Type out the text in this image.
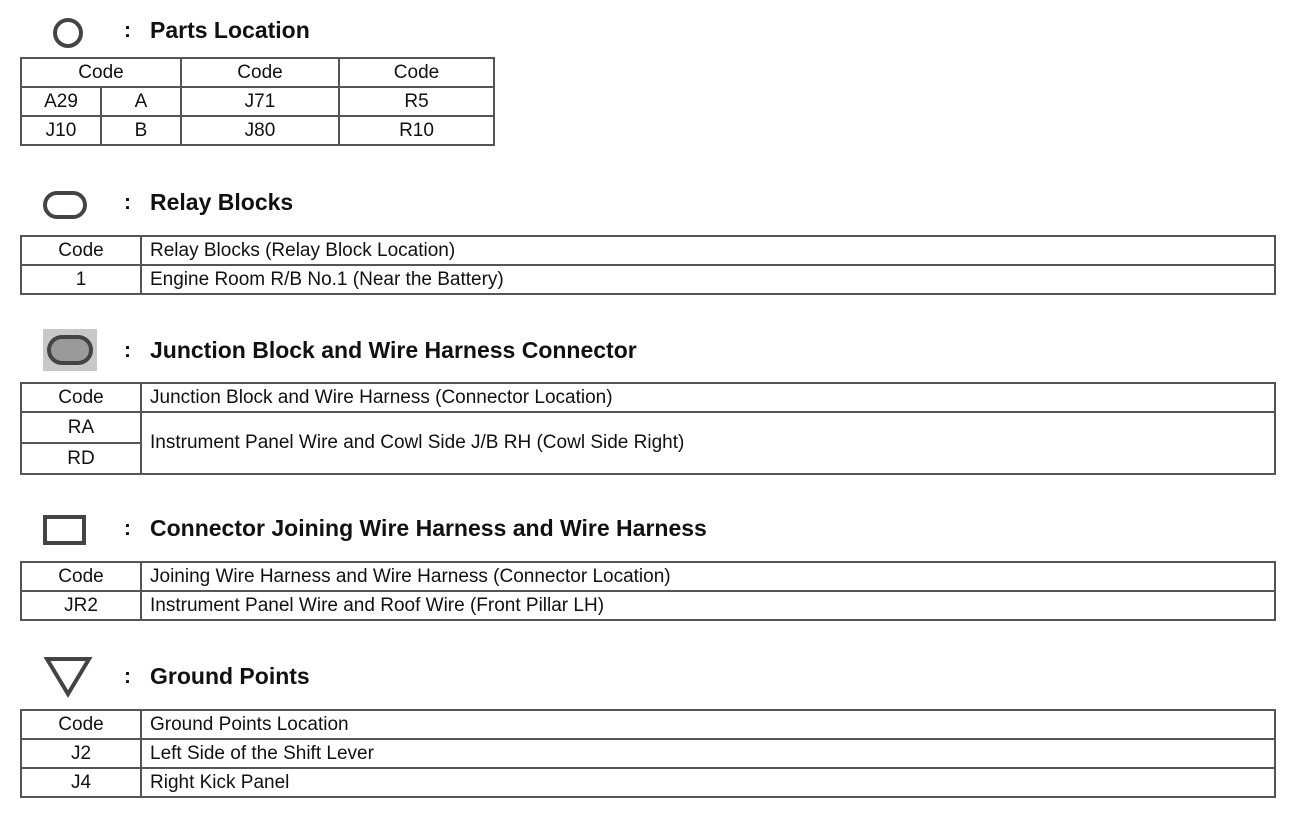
: Parts Location
Code		Code	Code
A29	A	J71	R5
J10	B	J80	R10
: Relay Blocks
Code	Relay Blocks (Relay Block Location)
1	Engine Room R/B No.1 (Near the Battery)
: Junction Block and Wire Harness Connector
Code	Junction Block and Wire Harness (Connector Location)
RA	Instrument Panel Wire and Cowl Side J/B RH (Cowl Side Right)
RD	
: Connector Joining Wire Harness and Wire Harness
Code	Joining Wire Harness and Wire Harness (Connector Location)
JR2	Instrument Panel Wire and Roof Wire (Front Pillar LH)
: Ground Points
Code	Ground Points Location
J2	Left Side of the Shift Lever
J4	Right Kick Panel
